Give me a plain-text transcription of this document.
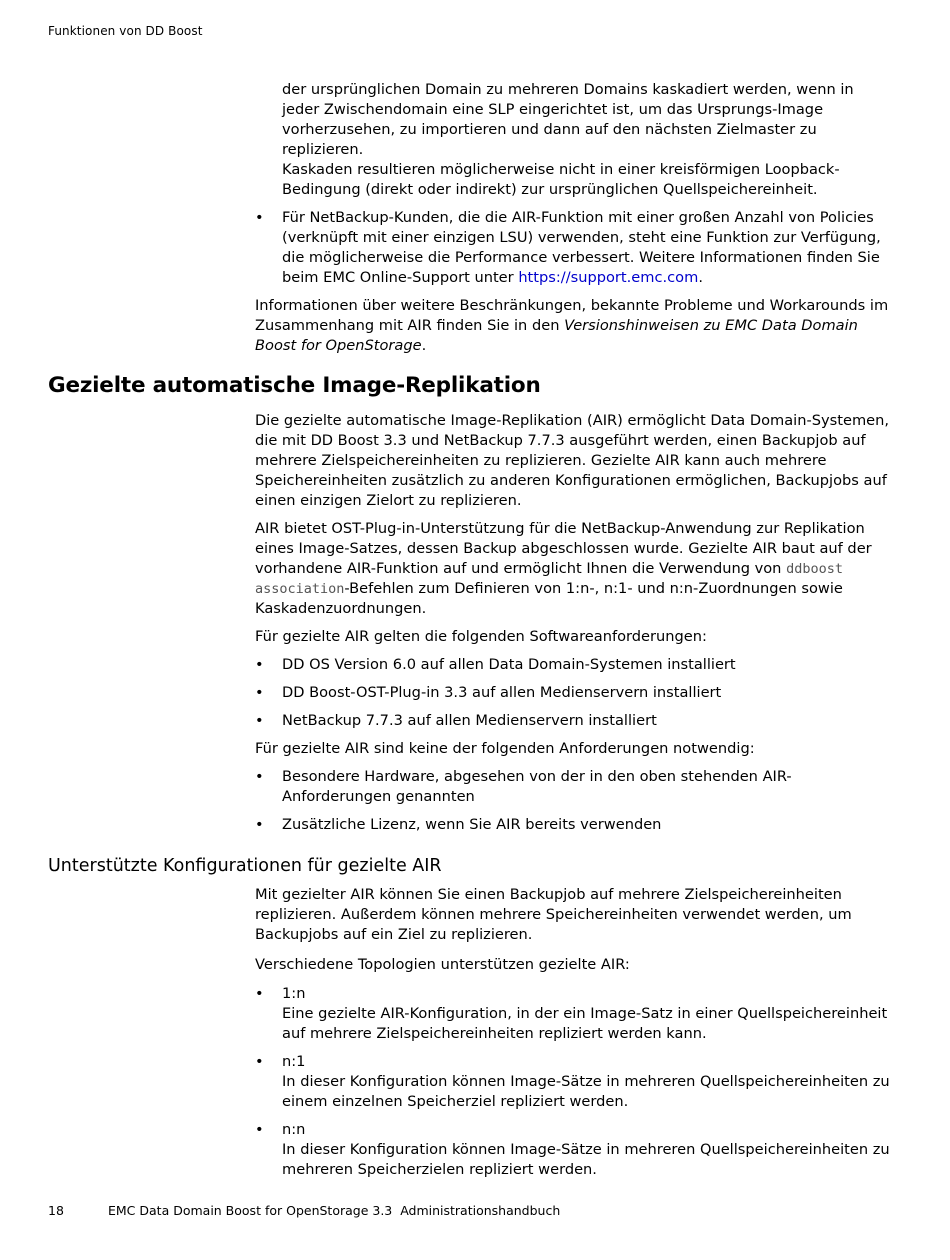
Funktionen von DD Boost

der ursprünglichen Domain zu mehreren Domains kaskadiert werden, wenn in jeder Zwischendomain eine SLP eingerichtet ist, um das Ursprungs-Image vorherzusehen, zu importieren und dann auf den nächsten Zielmaster zu replizieren.

Kaskaden resultieren möglicherweise nicht in einer kreisförmigen Loopback-Bedingung (direkt oder indirekt) zur ursprünglichen Quellspeichereinheit.

• Für NetBackup-Kunden, die die AIR-Funktion mit einer großen Anzahl von Policies (verknüpft mit einer einzigen LSU) verwenden, steht eine Funktion zur Verfügung, die möglicherweise die Performance verbessert. Weitere Informationen finden Sie beim EMC Online-Support unter https://support.emc.com.

Informationen über weitere Beschränkungen, bekannte Probleme und Workarounds im Zusammenhang mit AIR finden Sie in den Versionshinweisen zu EMC Data Domain Boost for OpenStorage.

Gezielte automatische Image-Replikation

Die gezielte automatische Image-Replikation (AIR) ermöglicht Data Domain-Systemen, die mit DD Boost 3.3 und NetBackup 7.7.3 ausgeführt werden, einen Backupjob auf mehrere Zielspeichereinheiten zu replizieren. Gezielte AIR kann auch mehrere Speichereinheiten zusätzlich zu anderen Konfigurationen ermöglichen, Backupjobs auf einen einzigen Zielort zu replizieren.

AIR bietet OST-Plug-in-Unterstützung für die NetBackup-Anwendung zur Replikation eines Image-Satzes, dessen Backup abgeschlossen wurde. Gezielte AIR baut auf der vorhandene AIR-Funktion auf und ermöglicht Ihnen die Verwendung von ddboost association-Befehlen zum Definieren von 1:n-, n:1- und n:n-Zuordnungen sowie Kaskadenzuordnungen.

Für gezielte AIR gelten die folgenden Softwareanforderungen:

• DD OS Version 6.0 auf allen Data Domain-Systemen installiert
• DD Boost-OST-Plug-in 3.3 auf allen Medienservern installiert
• NetBackup 7.7.3 auf allen Medienservern installiert

Für gezielte AIR sind keine der folgenden Anforderungen notwendig:

• Besondere Hardware, abgesehen von der in den oben stehenden AIR-Anforderungen genannten
• Zusätzliche Lizenz, wenn Sie AIR bereits verwenden
Unterstützte Konfigurationen für gezielte AIR

Mit gezielter AIR können Sie einen Backupjob auf mehrere Zielspeichereinheiten replizieren. Außerdem können mehrere Speichereinheiten verwendet werden, um Backupjobs auf ein Ziel zu replizieren.

Verschiedene Topologien unterstützen gezielte AIR:

• 1:n
Eine gezielte AIR-Konfiguration, in der ein Image-Satz in einer Quellspeichereinheit auf mehrere Zielspeichereinheiten repliziert werden kann.
• n:1
In dieser Konfiguration können Image-Sätze in mehreren Quellspeichereinheiten zu einem einzelnen Speicherziel repliziert werden.
• n:n
In dieser Konfiguration können Image-Sätze in mehreren Quellspeichereinheiten zu mehreren Speicherzielen repliziert werden.
18	EMC Data Domain Boost for OpenStorage 3.3  Administrationshandbuch
